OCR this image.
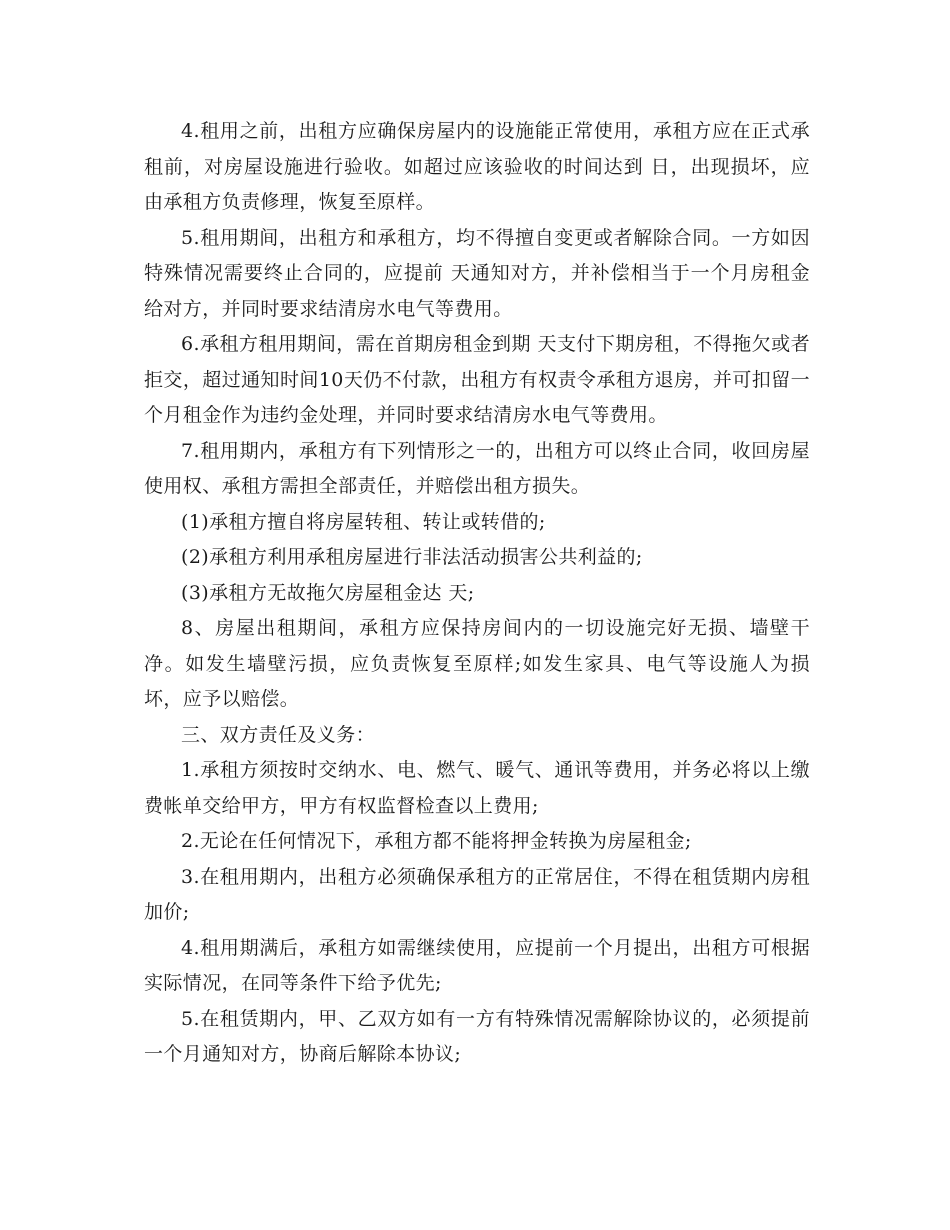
4.租用之前，出租方应确保房屋内的设施能正常使用，承租方应在正式承租前，对房屋设施进行验收。如超过应该验收的时间达到 日，出现损坏，应由承租方负责修理，恢复至原样。

5.租用期间，出租方和承租方，均不得擅自变更或者解除合同。一方如因特殊情况需要终止合同的，应提前 天通知对方，并补偿相当于一个月房租金给对方，并同时要求结清房水电气等费用。

6.承租方租用期间，需在首期房租金到期 天支付下期房租，不得拖欠或者拒交，超过通知时间10天仍不付款，出租方有权责令承租方退房，并可扣留一个月租金作为违约金处理，并同时要求结清房水电气等费用。

7.租用期内，承租方有下列情形之一的，出租方可以终止合同，收回房屋使用权、承租方需担全部责任，并赔偿出租方损失。

(1)承租方擅自将房屋转租、转让或转借的;

(2)承租方利用承租房屋进行非法活动损害公共利益的;

(3)承租方无故拖欠房屋租金达 天;

8、房屋出租期间，承租方应保持房间内的一切设施完好无损、墙壁干净。如发生墙壁污损，应负责恢复至原样;如发生家具、电气等设施人为损坏，应予以赔偿。

三、双方责任及义务：

1.承租方须按时交纳水、电、燃气、暖气、通讯等费用，并务必将以上缴费帐单交给甲方，甲方有权监督检查以上费用;

2.无论在任何情况下，承租方都不能将押金转换为房屋租金;

3.在租用期内，出租方必须确保承租方的正常居住，不得在租赁期内房租加价;

4.租用期满后，承租方如需继续使用，应提前一个月提出，出租方可根据实际情况，在同等条件下给予优先;

5.在租赁期内，甲、乙双方如有一方有特殊情况需解除协议的，必须提前一个月通知对方，协商后解除本协议;
